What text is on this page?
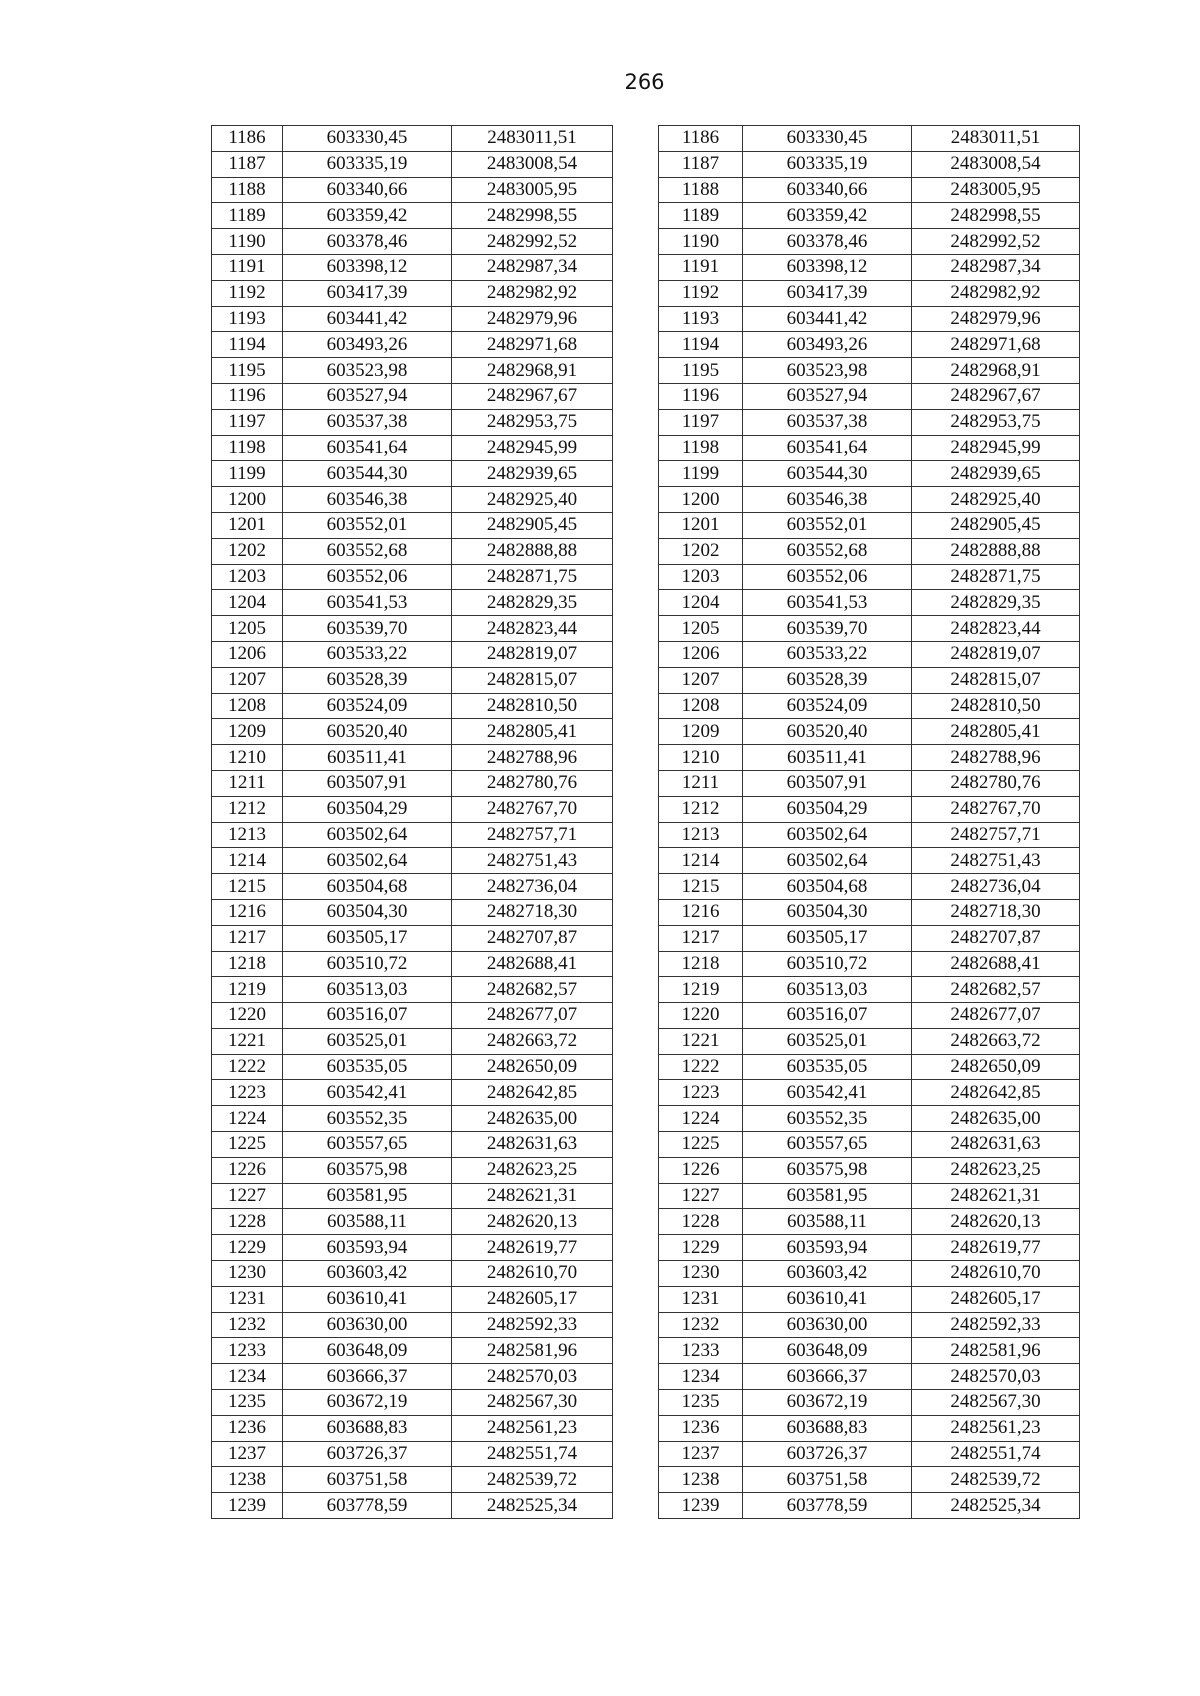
266
1186	603330,45	2483011,51		1186	603330,45	2483011,51
1187	603335,19	2483008,54		1187	603335,19	2483008,54
1188	603340,66	2483005,95		1188	603340,66	2483005,95
1189	603359,42	2482998,55		1189	603359,42	2482998,55
1190	603378,46	2482992,52		1190	603378,46	2482992,52
1191	603398,12	2482987,34		1191	603398,12	2482987,34
1192	603417,39	2482982,92		1192	603417,39	2482982,92
1193	603441,42	2482979,96		1193	603441,42	2482979,96
1194	603493,26	2482971,68		1194	603493,26	2482971,68
1195	603523,98	2482968,91		1195	603523,98	2482968,91
1196	603527,94	2482967,67		1196	603527,94	2482967,67
1197	603537,38	2482953,75		1197	603537,38	2482953,75
1198	603541,64	2482945,99		1198	603541,64	2482945,99
1199	603544,30	2482939,65		1199	603544,30	2482939,65
1200	603546,38	2482925,40		1200	603546,38	2482925,40
1201	603552,01	2482905,45		1201	603552,01	2482905,45
1202	603552,68	2482888,88		1202	603552,68	2482888,88
1203	603552,06	2482871,75		1203	603552,06	2482871,75
1204	603541,53	2482829,35		1204	603541,53	2482829,35
1205	603539,70	2482823,44		1205	603539,70	2482823,44
1206	603533,22	2482819,07		1206	603533,22	2482819,07
1207	603528,39	2482815,07		1207	603528,39	2482815,07
1208	603524,09	2482810,50		1208	603524,09	2482810,50
1209	603520,40	2482805,41		1209	603520,40	2482805,41
1210	603511,41	2482788,96		1210	603511,41	2482788,96
1211	603507,91	2482780,76		1211	603507,91	2482780,76
1212	603504,29	2482767,70		1212	603504,29	2482767,70
1213	603502,64	2482757,71		1213	603502,64	2482757,71
1214	603502,64	2482751,43		1214	603502,64	2482751,43
1215	603504,68	2482736,04		1215	603504,68	2482736,04
1216	603504,30	2482718,30		1216	603504,30	2482718,30
1217	603505,17	2482707,87		1217	603505,17	2482707,87
1218	603510,72	2482688,41		1218	603510,72	2482688,41
1219	603513,03	2482682,57		1219	603513,03	2482682,57
1220	603516,07	2482677,07		1220	603516,07	2482677,07
1221	603525,01	2482663,72		1221	603525,01	2482663,72
1222	603535,05	2482650,09		1222	603535,05	2482650,09
1223	603542,41	2482642,85		1223	603542,41	2482642,85
1224	603552,35	2482635,00		1224	603552,35	2482635,00
1225	603557,65	2482631,63		1225	603557,65	2482631,63
1226	603575,98	2482623,25		1226	603575,98	2482623,25
1227	603581,95	2482621,31		1227	603581,95	2482621,31
1228	603588,11	2482620,13		1228	603588,11	2482620,13
1229	603593,94	2482619,77		1229	603593,94	2482619,77
1230	603603,42	2482610,70		1230	603603,42	2482610,70
1231	603610,41	2482605,17		1231	603610,41	2482605,17
1232	603630,00	2482592,33		1232	603630,00	2482592,33
1233	603648,09	2482581,96		1233	603648,09	2482581,96
1234	603666,37	2482570,03		1234	603666,37	2482570,03
1235	603672,19	2482567,30		1235	603672,19	2482567,30
1236	603688,83	2482561,23		1236	603688,83	2482561,23
1237	603726,37	2482551,74		1237	603726,37	2482551,74
1238	603751,58	2482539,72		1238	603751,58	2482539,72
1239	603778,59	2482525,34		1239	603778,59	2482525,34
